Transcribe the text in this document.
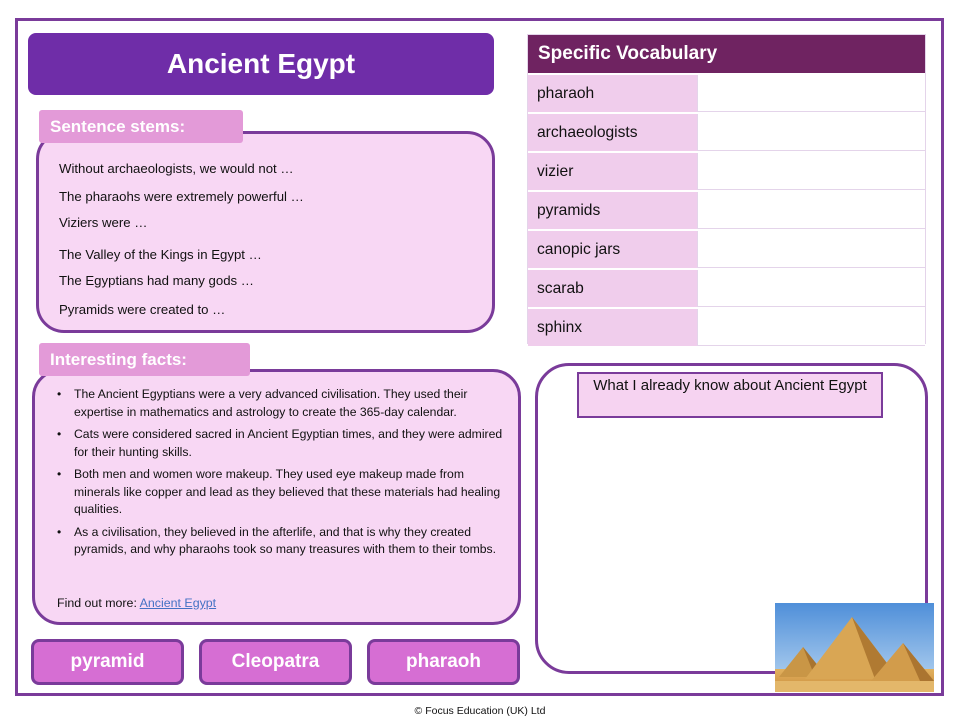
Ancient Egypt
Without archaeologists, we would not …
The pharaohs were extremely powerful …
Viziers were …
The Valley of the Kings in Egypt …
The Egyptians had many gods …
Pyramids were created to …
Sentence stems:
• The Ancient Egyptians were a very advanced civilisation. They used their expertise in mathematics and astrology to create the 365-day calendar.
• Cats were considered sacred in Ancient Egyptian times, and they were admired for their hunting skills.
• Both men and women wore makeup. They used eye makeup made from minerals like copper and lead as they believed that these materials had healing qualities.
• As a civilisation, they believed in the afterlife, and that is why they created pyramids, and why pharaohs took so many treasures with them to their tombs.
Find out more: Ancient Egypt
Interesting facts:
pyramid	Cleopatra	pharaoh
Specific Vocabulary
pharaoh
archaeologists
vizier
pyramids
canopic jars
scarab
sphinx
What I already know about Ancient Egypt
© Focus Education (UK) Ltd
